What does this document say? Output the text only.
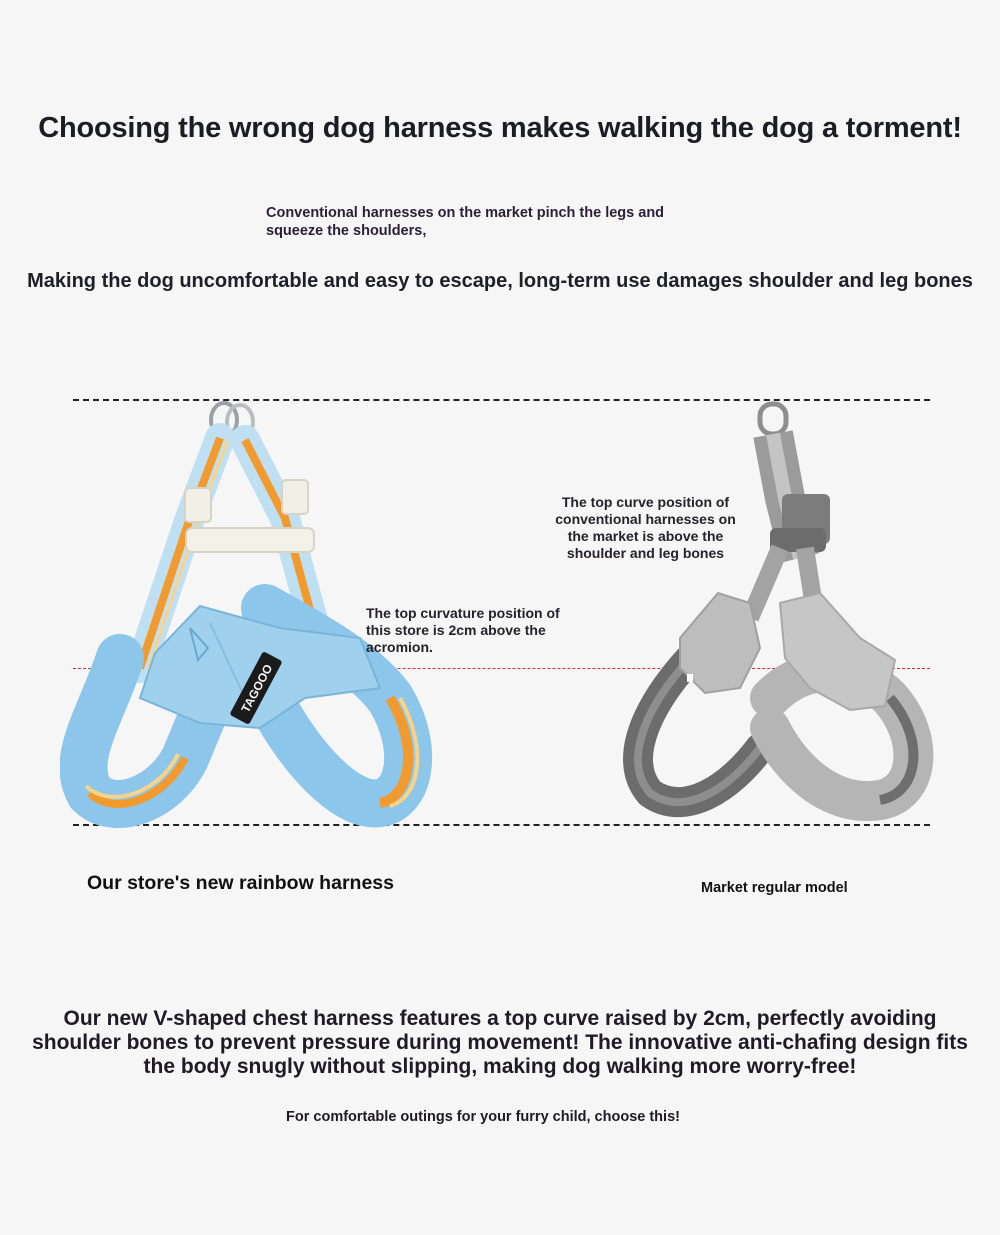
Choosing the wrong dog harness makes walking the dog a torment!
Conventional harnesses on the market pinch the legs and squeeze the shoulders,
Making the dog uncomfortable and easy to escape, long-term use damages shoulder and leg bones
TAGOOO
The top curvature position of this store is 2cm above the acromion.
The top curve position of conventional harnesses on the market is above the shoulder and leg bones
Our store's new rainbow harness	Market regular model
Our new V-shaped chest harness features a top curve raised by 2cm, perfectly avoiding shoulder bones to prevent pressure during movement! The innovative anti-chafing design fits the body snugly without slipping, making dog walking more worry-free!
For comfortable outings for your furry child, choose this!
